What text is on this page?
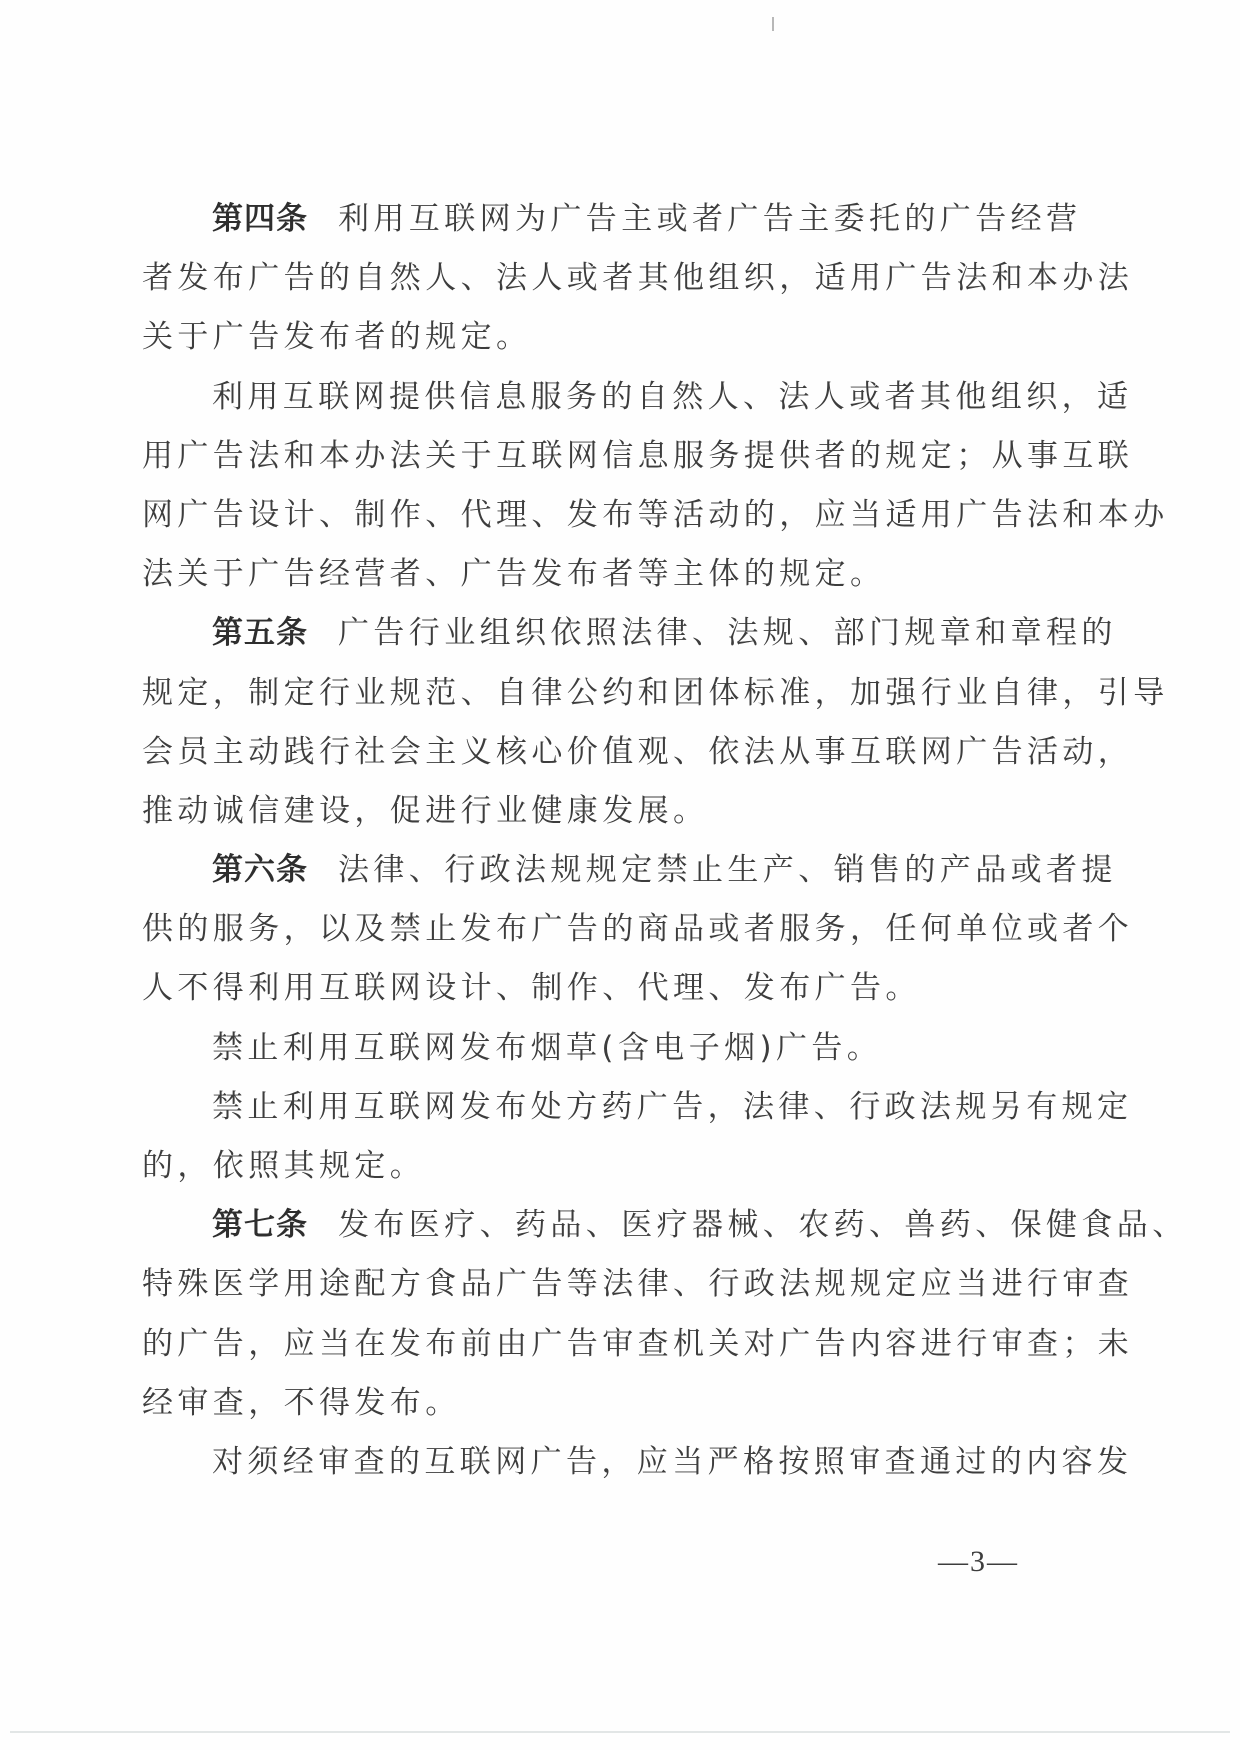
第四条 利用互联网为广告主或者广告主委托的广告经营
者发布广告的自然人、法人或者其他组织，适用广告法和本办法
关于广告发布者的规定。
利用互联网提供信息服务的自然人、法人或者其他组织，适
用广告法和本办法关于互联网信息服务提供者的规定；从事互联
网广告设计、制作、代理、发布等活动的，应当适用广告法和本办
法关于广告经营者、广告发布者等主体的规定。
第五条 广告行业组织依照法律、法规、部门规章和章程的
规定，制定行业规范、自律公约和团体标准，加强行业自律，引导
会员主动践行社会主义核心价值观、依法从事互联网广告活动，
推动诚信建设，促进行业健康发展。
第六条 法律、行政法规规定禁止生产、销售的产品或者提
供的服务，以及禁止发布广告的商品或者服务，任何单位或者个
人不得利用互联网设计、制作、代理、发布广告。
禁止利用互联网发布烟草(含电子烟)广告。
禁止利用互联网发布处方药广告，法律、行政法规另有规定
的，依照其规定。
第七条 发布医疗、药品、医疗器械、农药、兽药、保健食品、
特殊医学用途配方食品广告等法律、行政法规规定应当进行审查
的广告，应当在发布前由广告审查机关对广告内容进行审查；未
经审查，不得发布。
对须经审查的互联网广告，应当严格按照审查通过的内容发
—3—
